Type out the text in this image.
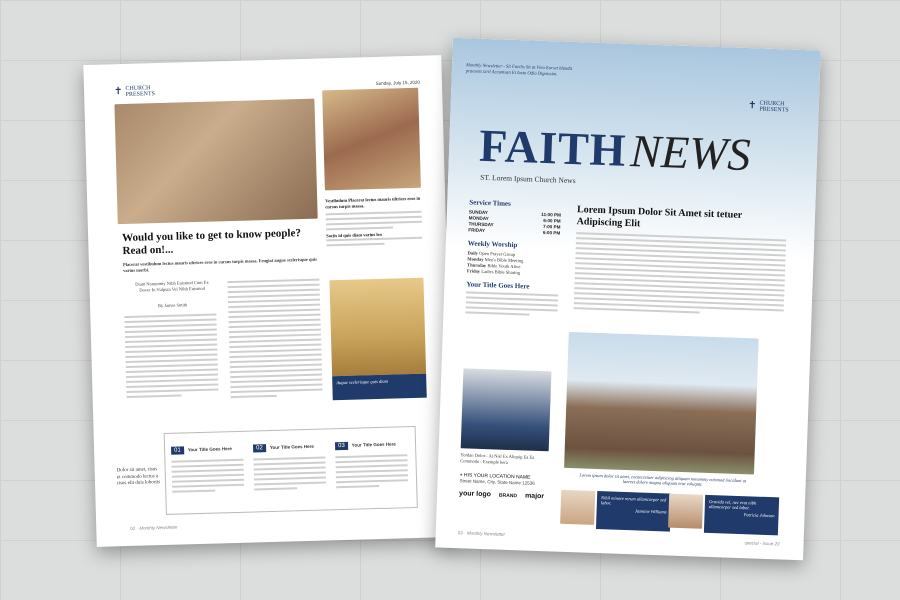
✝ CHURCH
PRESENTS
Sunday, July 15, 2020
Vestibulum Placerat lectus mauris ultrices eros in cursus turpis massa.
Sociis id quis diam varius leo
Would you like to get to know people? Read on!...
Placerat vestibulum lectus mauris ultrices eros in cursus turpis massa. Feugiat augue scelerisque quis varius morbi.
Diam Nonummy Nibh Euismod Cum Ex Dover In Vulputa Vel Nihh Euismod
By James Smith
Augue scelerisque quis diam
01 Your Title Goes Here	02 Your Title Goes Here	03 Your Title Goes Here
Dolor sit amet, risus et commodo lectus a risus elit duis lobortis
02 · Monthly Newsletter
Monthly Newsletter - Sit Facilis Sit at Vero Eorset blandit praesent zzril Accumsan Et Iusto Odio Dignissim.
✝ CHURCH
PRESENTS
FAITH NEWS
ST. Lorem Ipsum Church News
Service Times
SUNDAY	11:00 PM
MONDAY	6:00 PM
THURSDAY	7:00 PM
FRIDAY	6:00 PM
Weekly Worship
Daily Open Prayer Group
Monday Men's Bible Meeting
Thursday Bible Youth Alive
Friday Ladies Bible Sharing
Your Title Goes Here
Lorem Ipsum Dolor Sit Amet sit tetuer Adipiscing Elit
Yordan Dolor - At Nisl Ex Aliquip Ea Ea Commodo - Exemple hera
⌖ HIS YOUR LOCATION NAME
Street Name, City, State Name 12536
your logo BRAND major
Lorem ipsum dolor sit amet, consectetuer adipiscing aliquam nonummy euismod tincidunt ut laoreet dolore magna aliquam erat volutpat.
Nihil minore rerum ullamcorper sed labor.
Jasmine Williams
Gravida vel, nec erat nibh ullamcorper sed labor.
Patricia Johnson
03 · Monthly Newsletter
special - Issue 20
